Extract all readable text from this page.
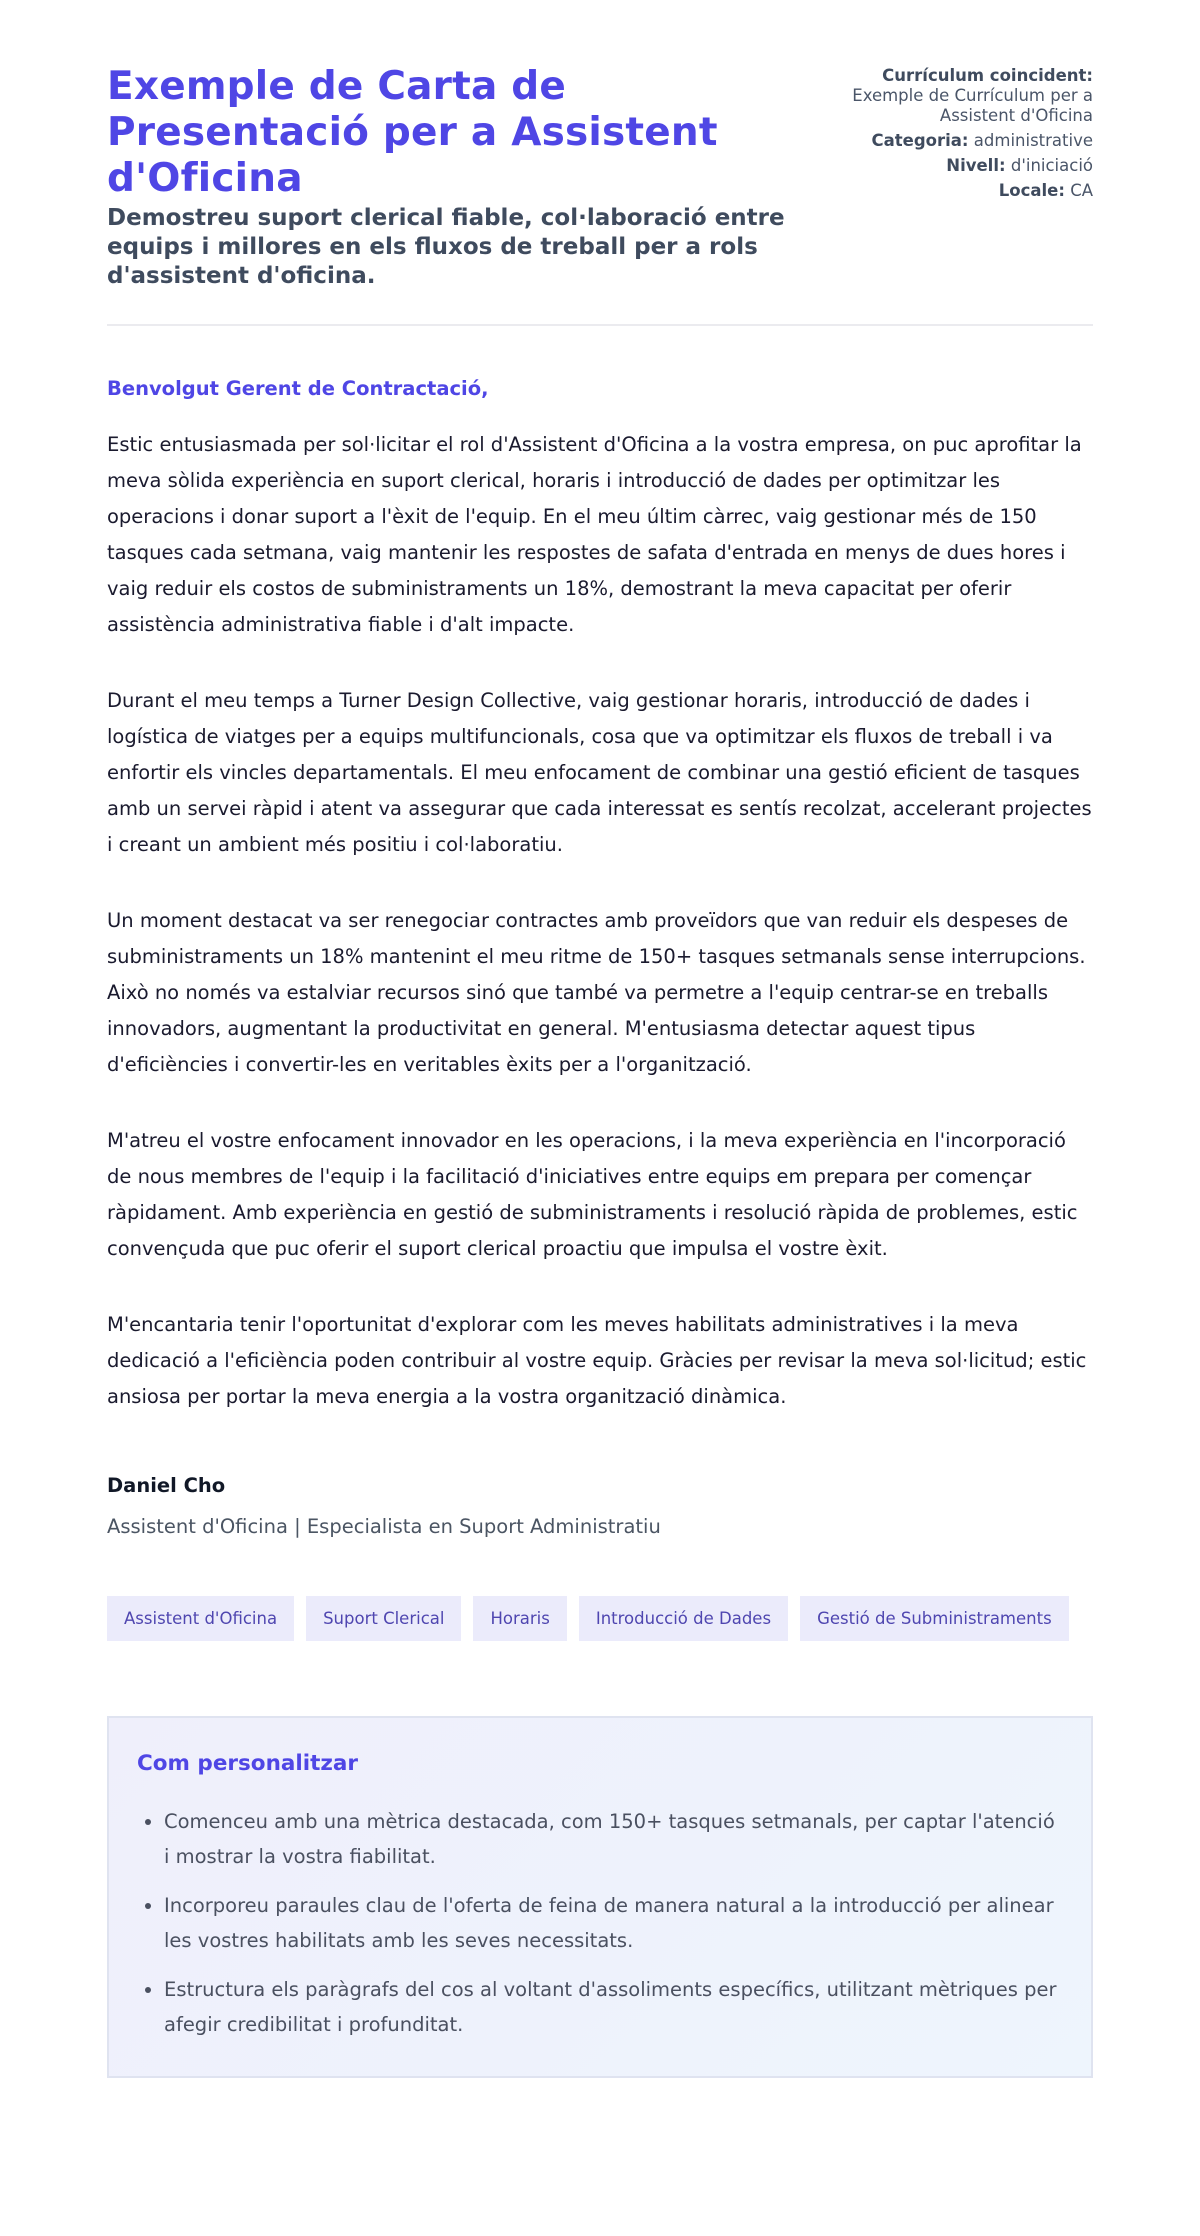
Exemple de Carta de Presentació per a Assistent d'Oficina
Demostreu suport clerical fiable, col·laboració entre equips i millores en els fluxos de treball per a rols d'assistent d'oficina.
Currículum coincident:
Exemple de Currículum per a Assistent d'Oficina
Categoria: administrative
Nivell: d'iniciació
Locale: CA

Benvolgut Gerent de Contractació,

Estic entusiasmada per sol·licitar el rol d'Assistent d'Oficina a la vostra empresa, on puc aprofitar la meva sòlida experiència en suport clerical, horaris i introducció de dades per optimitzar les operacions i donar suport a l'èxit de l'equip. En el meu últim càrrec, vaig gestionar més de 150 tasques cada setmana, vaig mantenir les respostes de safata d'entrada en menys de dues hores i vaig reduir els costos de subministraments un 18%, demostrant la meva capacitat per oferir assistència administrativa fiable i d'alt impacte.

Durant el meu temps a Turner Design Collective, vaig gestionar horaris, introducció de dades i logística de viatges per a equips multifuncionals, cosa que va optimitzar els fluxos de treball i va enfortir els vincles departamentals. El meu enfocament de combinar una gestió eficient de tasques amb un servei ràpid i atent va assegurar que cada interessat es sentís recolzat, accelerant projectes i creant un ambient més positiu i col·laboratiu.

Un moment destacat va ser renegociar contractes amb proveïdors que van reduir els despeses de subministraments un 18% mantenint el meu ritme de 150+ tasques setmanals sense interrupcions. Això no només va estalviar recursos sinó que també va permetre a l'equip centrar-se en treballs innovadors, augmentant la productivitat en general. M'entusiasma detectar aquest tipus d'eficiències i convertir-les en veritables èxits per a l'organització.

M'atreu el vostre enfocament innovador en les operacions, i la meva experiència en l'incorporació de nous membres de l'equip i la facilitació d'iniciatives entre equips em prepara per començar ràpidament. Amb experiència en gestió de subministraments i resolució ràpida de problemes, estic convençuda que puc oferir el suport clerical proactiu que impulsa el vostre èxit.

M'encantaria tenir l'oportunitat d'explorar com les meves habilitats administratives i la meva dedicació a l'eficiència poden contribuir al vostre equip. Gràcies per revisar la meva sol·licitud; estic ansiosa per portar la meva energia a la vostra organització dinàmica.

Daniel Cho
Assistent d'Oficina | Especialista en Suport Administratiu
Assistent d'Oficina	Suport Clerical	Horaris	Introducció de Dades	Gestió de Subministraments
Com personalitzar
• Comenceu amb una mètrica destacada, com 150+ tasques setmanals, per captar l'atenció i mostrar la vostra fiabilitat.
• Incorporeu paraules clau de l'oferta de feina de manera natural a la introducció per alinear les vostres habilitats amb les seves necessitats.
• Estructura els paràgrafs del cos al voltant d'assoliments específics, utilitzant mètriques per afegir credibilitat i profunditat.
